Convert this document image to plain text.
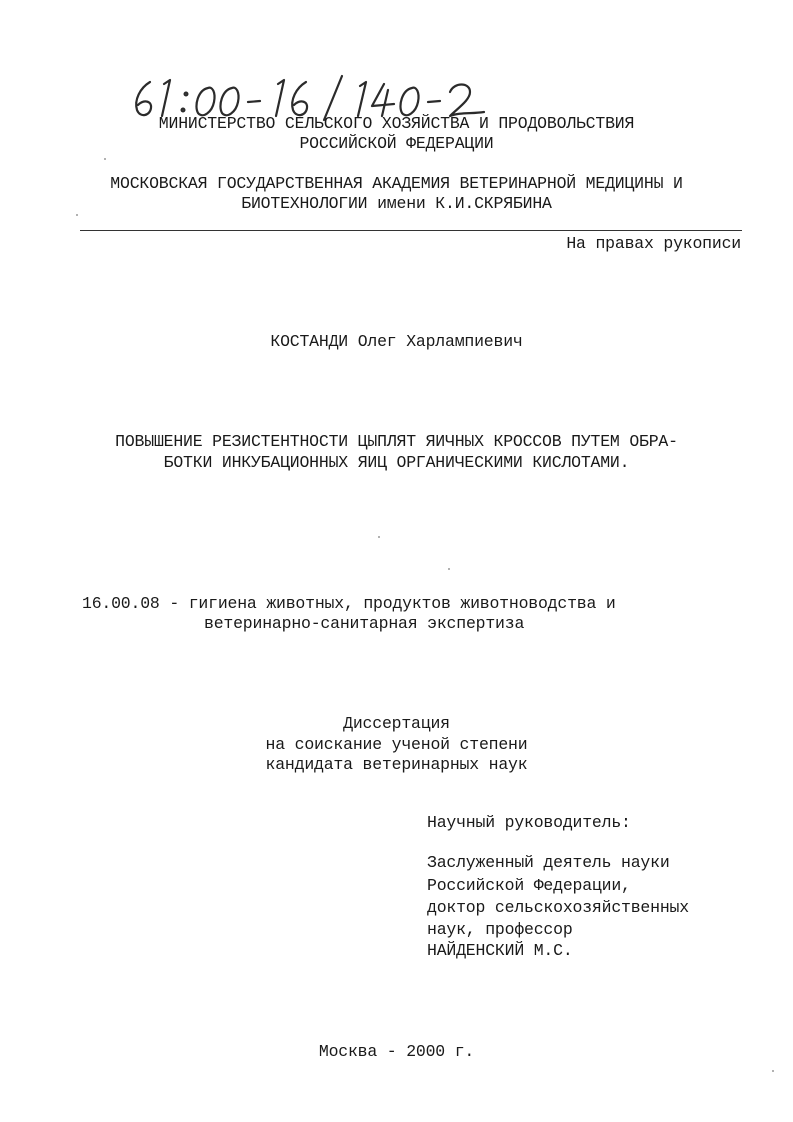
МИНИСТЕРСТВО СЕЛЬСКОГО ХОЗЯЙСТВА И ПРОДОВОЛЬСТВИЯ
РОССИЙСКОЙ ФЕДЕРАЦИИ
МОСКОВСКАЯ ГОСУДАРСТВЕННАЯ АКАДЕМИЯ ВЕТЕРИНАРНОЙ МЕДИЦИНЫ И
БИОТЕХНОЛОГИИ имени К.И.СКРЯБИНА
На правах рукописи
КОСТАНДИ Олег Харлампиевич
ПОВЫШЕНИЕ РЕЗИСТЕНТНОСТИ ЦЫПЛЯТ ЯИЧНЫХ КРОССОВ ПУТЕМ ОБРА-
БОТКИ ИНКУБАЦИОННЫХ ЯИЦ ОРГАНИЧЕСКИМИ КИСЛОТАМИ.
16.00.08 - гигиена животных, продуктов животноводства и
ветеринарно-санитарная экспертиза
Диссертация
на соискание ученой степени
кандидата ветеринарных наук
Научный руководитель:
Заслуженный деятель науки
Российской Федерации,
доктор сельскохозяйственных
наук, профессор
НАЙДЕНСКИЙ М.С.
Москва - 2000 г.
